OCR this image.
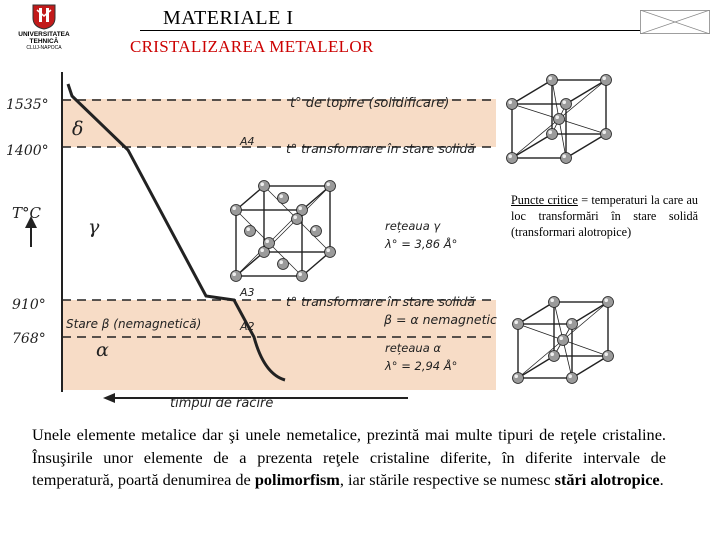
UNIVERSITATEA
TEHNICĂ
CLUJ-NAPOCA
MATERIALE I
CRISTALIZAREA METALELOR
1535°
1400°
910°
768°
T°C
δ
γ
α
t° de topire (solidificare)
t° transformare în stare solidă
t° transformare în stare solidă
Stare β (nemagnetică)	β = α nemagnetic
rețeaua γ
λ° = 3,86 Å°
rețeaua α
λ° = 2,94 Å°
A4
A3
A2
timpul de răcire
Puncte critice = temperaturi la care au loc transformări în stare solidă (transformari alotropice)
Unele elemente metalice dar şi unele nemetalice, prezintă mai multe tipuri de reţele cristaline. Însuşirile unor elemente de a prezenta reţele cristaline diferite, în diferite intervale de temperatură, poartă denumirea de polimorfism, iar stările respective se numesc stări alotropice.
